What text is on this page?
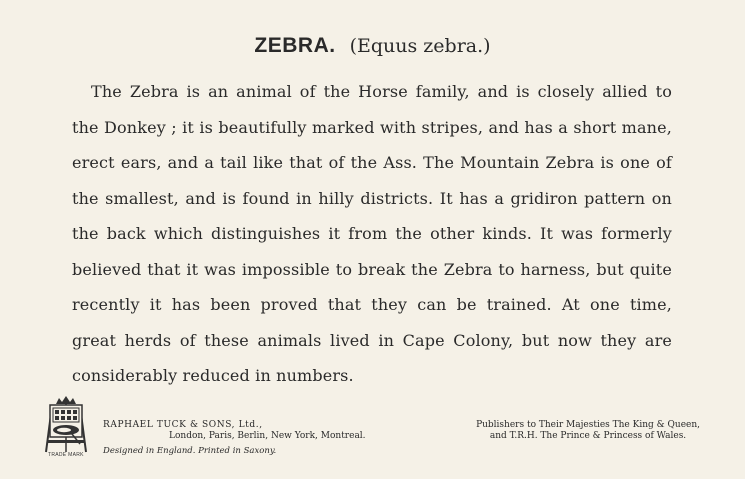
ZEBRA. (Equus zebra.)
The Zebra is an animal of the Horse family, and is closely allied to
the Donkey ; it is beautifully marked with stripes, and has a short mane,
erect ears, and a tail like that of the Ass. The Mountain Zebra is one of
the smallest, and is found in hilly districts. It has a gridiron pattern on
the back which distinguishes it from the other kinds. It was formerly
believed that it was impossible to break the Zebra to harness, but quite
recently it has been proved that they can be trained. At one time,
great herds of these animals lived in Cape Colony, but now they are
considerably reduced in numbers.
TRADE MARK
RAPHAEL TUCK & SONS, Ltd.,
London, Paris, Berlin, New York, Montreal.
Designed in England. Printed in Saxony.
Publishers to Their Majesties The King & Queen,
and T.R.H. The Prince & Princess of Wales.
